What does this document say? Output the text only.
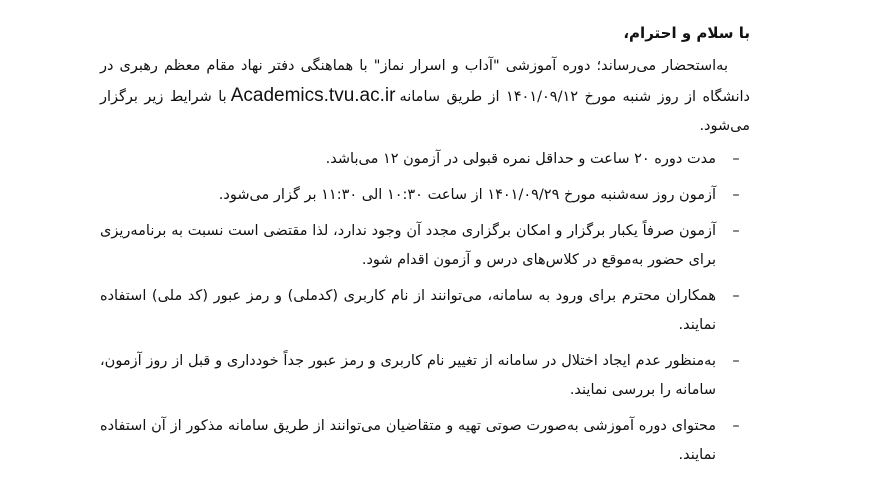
با سلام و احترام،

به‌استحضار می‌رساند؛ دوره آموزشی "آداب و اسرار نماز" با هماهنگی دفتر نهاد مقام معظم رهبری در دانشگاه از روز شنبه مورخ ۱۴۰۱/۰۹/۱۲ از طریق سامانهAcademics.tvu.ac.irبا شرایط زیر برگزار می‌شود.

–
مدت دوره ۲۰ ساعت و حداقل نمره قبولی در آزمون ۱۲ می‌باشد.
–
آزمون روز سه‌شنبه مورخ ۱۴۰۱/۰۹/۲۹ از ساعت ۱۰:۳۰ الی ۱۱:۳۰ بر گزار می‌شود.
–
آزمون صرفاً یکبار برگزار و امکان برگزاری مجدد آن وجود ندارد، لذا مقتضی است نسبت به برنامه‌ریزی برای حضور به‌موقع در کلاس‌های درس و آزمون اقدام شود.
–
همکاران محترم برای ورود به سامانه، می‌توانند از نام کاربری (کدملی) و رمز عبور (کد ملی) استفاده نمایند.
–
به‌منظور عدم ایجاد اختلال در سامانه از تغییر نام کاربری و رمز عبور جداً خودداری و قبل از روز آزمون، سامانه را بررسی نمایند.
–
محتوای دوره آموزشی به‌صورت صوتی تهیه و متقاضیان می‌توانند از طریق سامانه مذکور از آن استفاده نمایند.
